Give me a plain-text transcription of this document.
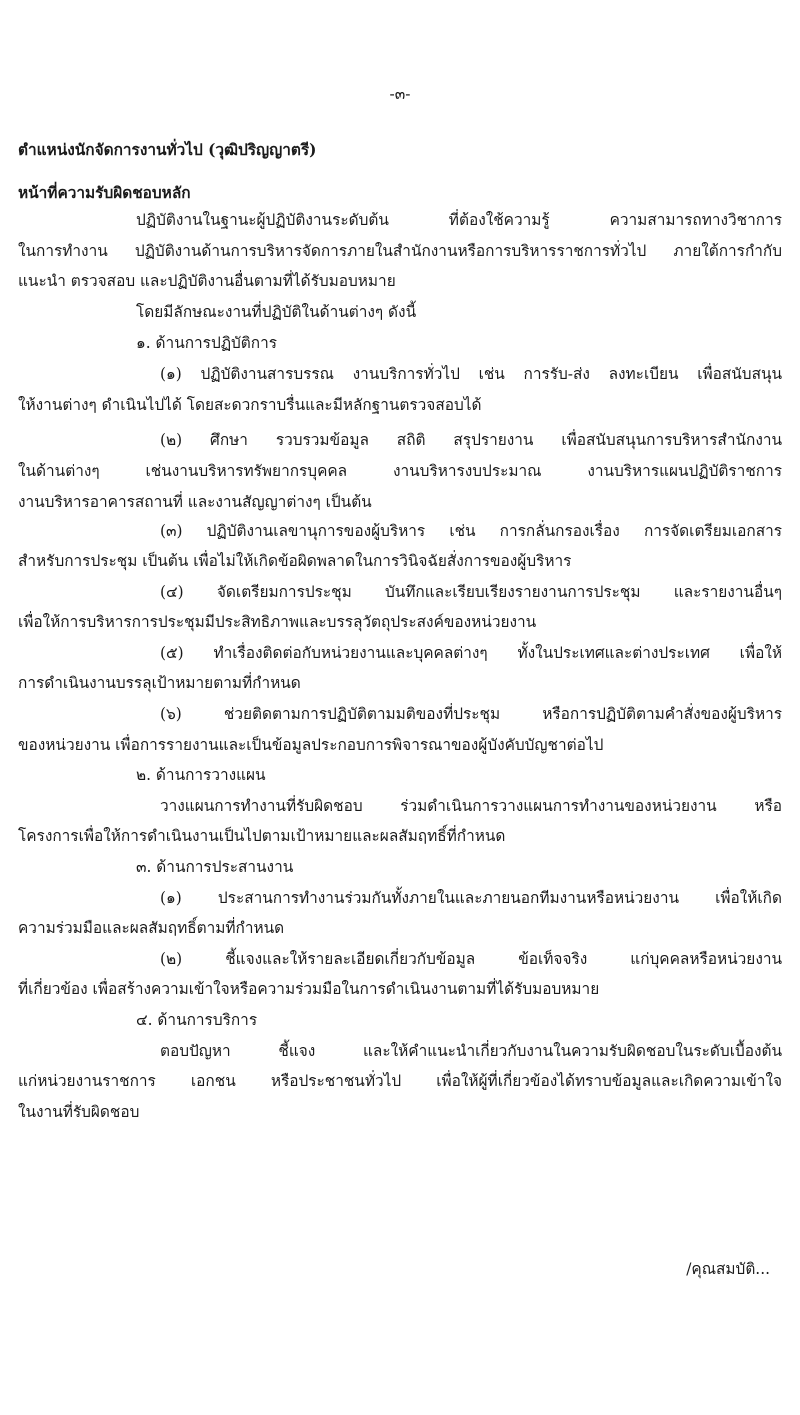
-๓-
ตำแหน่งนักจัดการงานทั่วไป (วุฒิปริญญาตรี)
หน้าที่ความรับผิดชอบหลัก
ปฏิบัติงานในฐานะผู้ปฏิบัติงานระดับต้น ที่ต้องใช้ความรู้ ความสามารถทางวิชาการ
ในการทำงาน ปฏิบัติงานด้านการบริหารจัดการภายในสำนักงานหรือการบริหารราชการทั่วไป ภายใต้การกำกับ
แนะนำ ตรวจสอบ และปฏิบัติงานอื่นตามที่ได้รับมอบหมาย
โดยมีลักษณะงานที่ปฏิบัติในด้านต่างๆ ดังนี้
๑. ด้านการปฏิบัติการ
(๑) ปฏิบัติงานสารบรรณ งานบริการทั่วไป เช่น การรับ-ส่ง ลงทะเบียน เพื่อสนับสนุน
ให้งานต่างๆ ดำเนินไปได้ โดยสะดวกราบรื่นและมีหลักฐานตรวจสอบได้
(๒) ศึกษา รวบรวมข้อมูล สถิติ สรุปรายงาน เพื่อสนับสนุนการบริหารสำนักงาน
ในด้านต่างๆ เช่นงานบริหารทรัพยากรบุคคล งานบริหารงบประมาณ งานบริหารแผนปฏิบัติราชการ
งานบริหารอาคารสถานที่ และงานสัญญาต่างๆ เป็นต้น
(๓) ปฏิบัติงานเลขานุการของผู้บริหาร เช่น การกลั่นกรองเรื่อง การจัดเตรียมเอกสาร
สำหรับการประชุม เป็นต้น เพื่อไม่ให้เกิดข้อผิดพลาดในการวินิจฉัยสั่งการของผู้บริหาร
(๔) จัดเตรียมการประชุม บันทึกและเรียบเรียงรายงานการประชุม และรายงานอื่นๆ
เพื่อให้การบริหารการประชุมมีประสิทธิภาพและบรรลุวัตถุประสงค์ของหน่วยงาน
(๕) ทำเรื่องติดต่อกับหน่วยงานและบุคคลต่างๆ ทั้งในประเทศและต่างประเทศ เพื่อให้
การดำเนินงานบรรลุเป้าหมายตามที่กำหนด
(๖) ช่วยติดตามการปฏิบัติตามมติของที่ประชุม หรือการปฏิบัติตามคำสั่งของผู้บริหาร
ของหน่วยงาน เพื่อการรายงานและเป็นข้อมูลประกอบการพิจารณาของผู้บังคับบัญชาต่อไป
๒. ด้านการวางแผน
วางแผนการทำงานที่รับผิดชอบ ร่วมดำเนินการวางแผนการทำงานของหน่วยงาน หรือ
โครงการเพื่อให้การดำเนินงานเป็นไปตามเป้าหมายและผลสัมฤทธิ์ที่กำหนด
๓. ด้านการประสานงาน
(๑) ประสานการทำงานร่วมกันทั้งภายในและภายนอกทีมงานหรือหน่วยงาน เพื่อให้เกิด
ความร่วมมือและผลสัมฤทธิ์ตามที่กำหนด
(๒) ชี้แจงและให้รายละเอียดเกี่ยวกับข้อมูล ข้อเท็จจริง แก่บุคคลหรือหน่วยงาน
ที่เกี่ยวข้อง เพื่อสร้างความเข้าใจหรือความร่วมมือในการดำเนินงานตามที่ได้รับมอบหมาย
๔. ด้านการบริการ
ตอบปัญหา ชี้แจง และให้คำแนะนำเกี่ยวกับงานในความรับผิดชอบในระดับเบื้องต้น
แก่หน่วยงานราชการ เอกชน หรือประชาชนทั่วไป เพื่อให้ผู้ที่เกี่ยวข้องได้ทราบข้อมูลและเกิดความเข้าใจ
ในงานที่รับผิดชอบ
/คุณสมบัติ...
